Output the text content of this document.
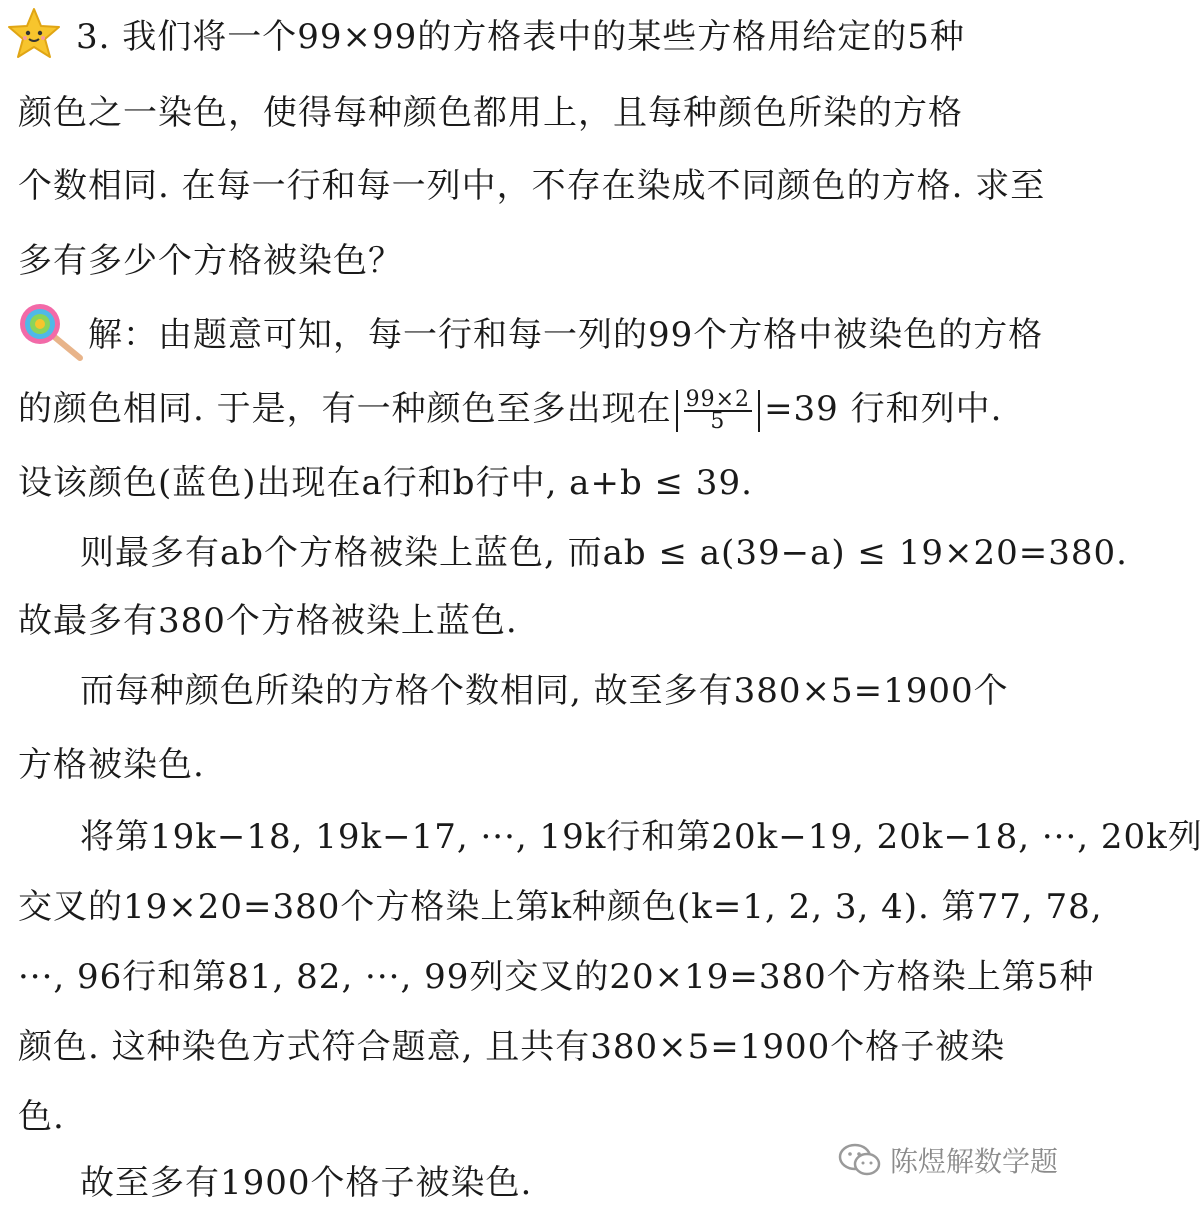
3. 我们将一个99×99的方格表中的某些方格用给定的5种
颜色之一染色，使得每种颜色都用上，且每种颜色所染的方格
个数相同. 在每一行和每一列中，不存在染成不同颜色的方格. 求至
多有多少个方格被染色？
解：由题意可知，每一行和每一列的99个方格中被染色的方格
的颜色相同. 于是，有一种颜色至多出现在 $\frac{99\times 2}{5} =39$ 行和列中.
设该颜色(蓝色)出现在a行和b行中, a+b ≤ 39.
则最多有ab个方格被染上蓝色, 而ab ≤ a(39−a) ≤ 19×20=380.
故最多有380个方格被染上蓝色.
而每种颜色所染的方格个数相同, 故至多有380×5=1900个
方格被染色.
将第19k−18, 19k−17, ···, 19k行和第20k−19, 20k−18, ···, 20k列
交叉的19×20=380个方格染上第k种颜色(k=1, 2, 3, 4). 第77, 78,
···, 96行和第81, 82, ···, 99列交叉的20×19=380个方格染上第5种
颜色. 这种染色方式符合题意, 且共有380×5=1900个格子被染
色.
故至多有1900个格子被染色.
陈煜解数学题
